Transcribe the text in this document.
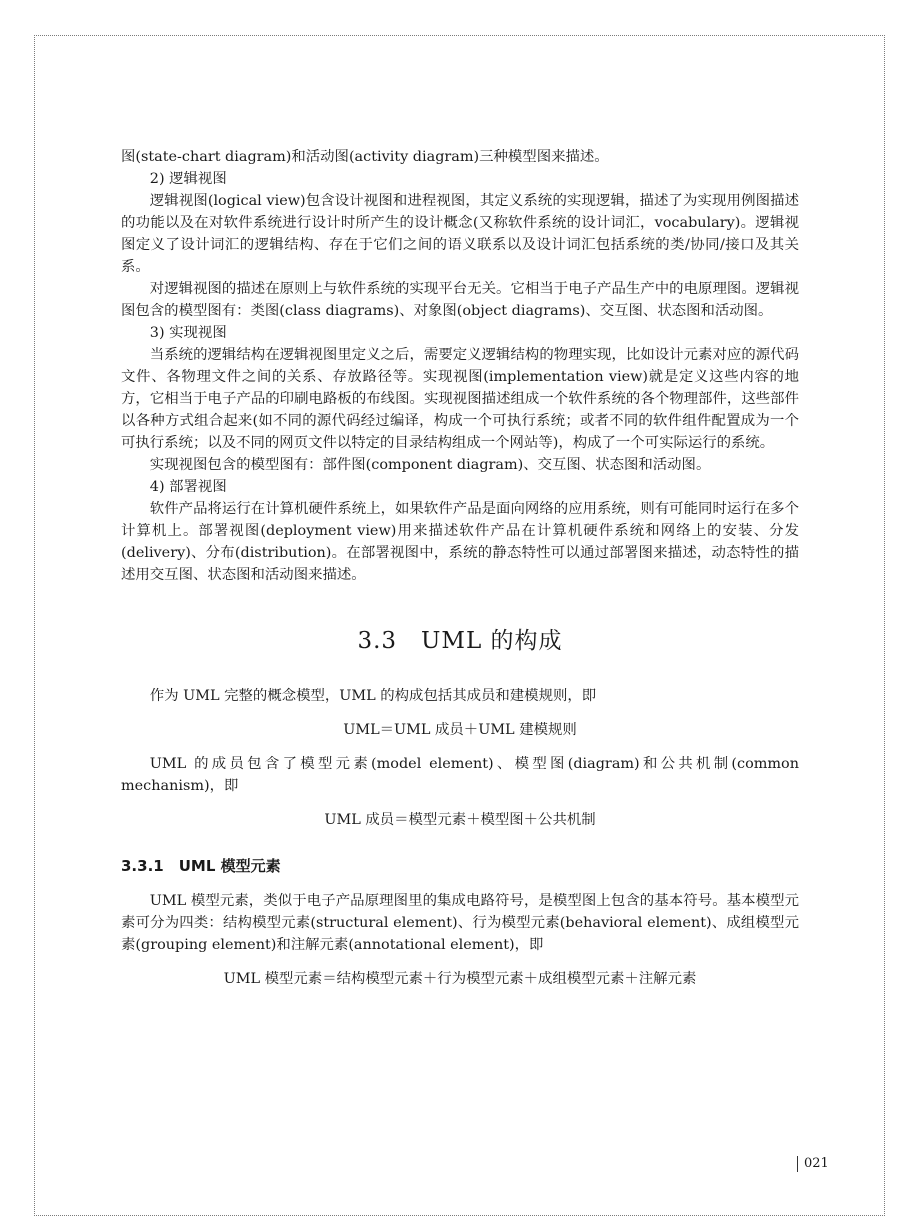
图(state-chart diagram)和活动图(activity diagram)三种模型图来描述。

2) 逻辑视图

逻辑视图(logical view)包含设计视图和进程视图，其定义系统的实现逻辑，描述了为实现用例图描述的功能以及在对软件系统进行设计时所产生的设计概念(又称软件系统的设计词汇，vocabulary)。逻辑视图定义了设计词汇的逻辑结构、存在于它们之间的语义联系以及设计词汇包括系统的类/协同/接口及其关系。

对逻辑视图的描述在原则上与软件系统的实现平台无关。它相当于电子产品生产中的电原理图。逻辑视图包含的模型图有：类图(class diagrams)、对象图(object diagrams)、交互图、状态图和活动图。

3) 实现视图

当系统的逻辑结构在逻辑视图里定义之后，需要定义逻辑结构的物理实现，比如设计元素对应的源代码文件、各物理文件之间的关系、存放路径等。实现视图(implementation view)就是定义这些内容的地方，它相当于电子产品的印刷电路板的布线图。实现视图描述组成一个软件系统的各个物理部件，这些部件以各种方式组合起来(如不同的源代码经过编译，构成一个可执行系统；或者不同的软件组件配置成为一个可执行系统；以及不同的网页文件以特定的目录结构组成一个网站等)，构成了一个可实际运行的系统。

实现视图包含的模型图有：部件图(component diagram)、交互图、状态图和活动图。

4) 部署视图

软件产品将运行在计算机硬件系统上，如果软件产品是面向网络的应用系统，则有可能同时运行在多个计算机上。部署视图(deployment view)用来描述软件产品在计算机硬件系统和网络上的安装、分发(delivery)、分布(distribution)。在部署视图中，系统的静态特性可以通过部署图来描述，动态特性的描述用交互图、状态图和活动图来描述。

3.3　UML 的构成

作为 UML 完整的概念模型，UML 的构成包括其成员和建模规则，即

UML＝UML 成员＋UML 建模规则

UML 的成员包含了模型元素(model element)、模型图(diagram)和公共机制(common mechanism)，即

UML 成员＝模型元素＋模型图＋公共机制

3.3.1　UML 模型元素

UML 模型元素，类似于电子产品原理图里的集成电路符号，是模型图上包含的基本符号。基本模型元素可分为四类：结构模型元素(structural element)、行为模型元素(behavioral element)、成组模型元素(grouping element)和注解元素(annotational element)，即

UML 模型元素＝结构模型元素＋行为模型元素＋成组模型元素＋注解元素

021
